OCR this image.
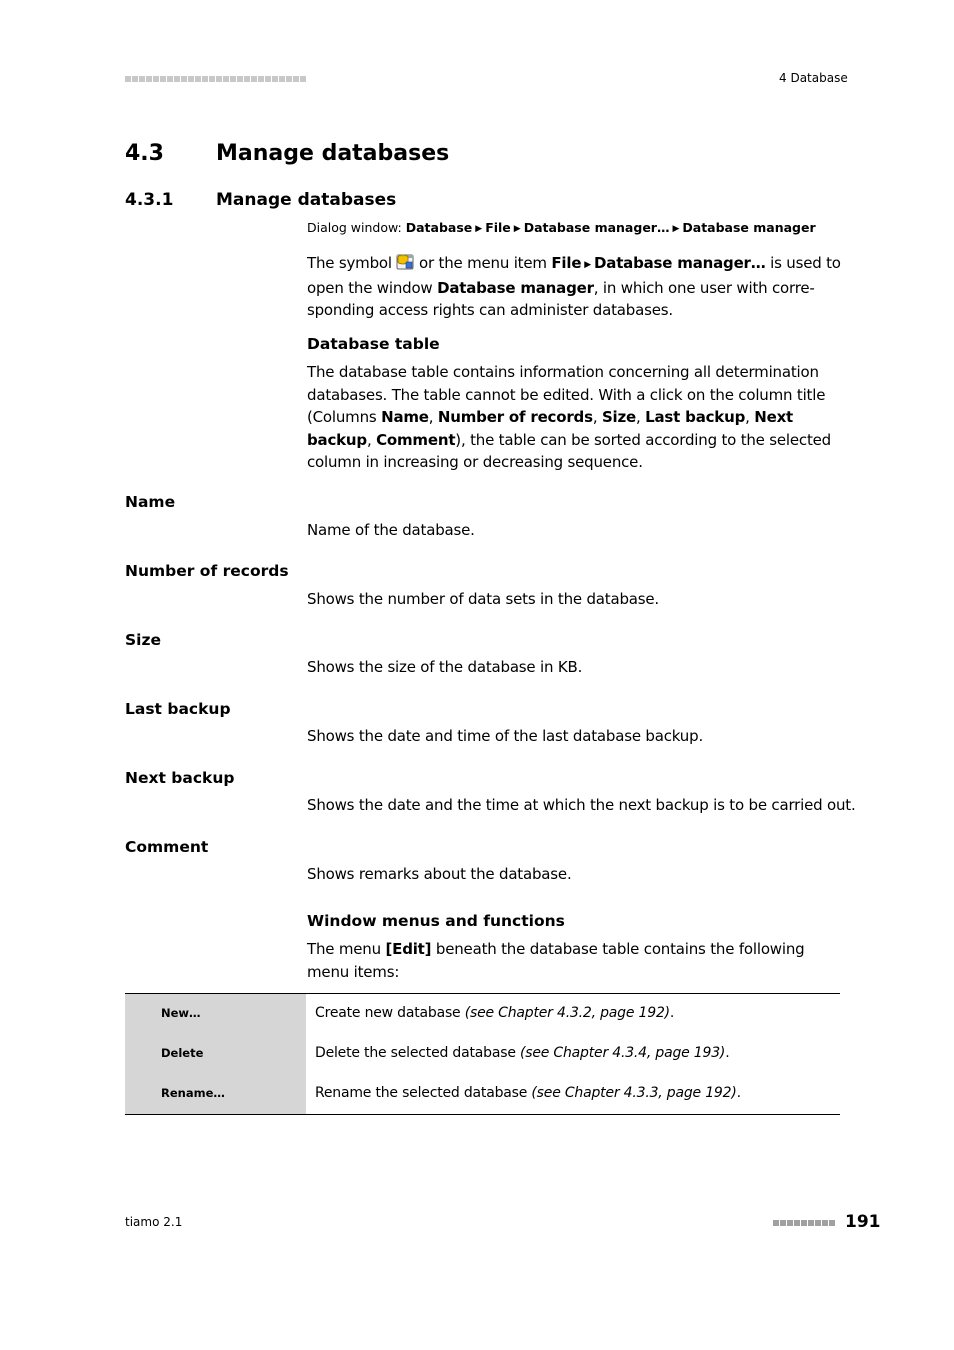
4 Database
4.3 Manage databases
4.3.1	Manage databases
Dialog window: Database ▶ File ▶ Database manager… ▶ Database manager
The symbol or the menu item File ▶ Database manager… is used to open the window Database manager, in which one user with corresponding access rights can administer databases.
Database table
The database table contains information concerning all determination databases. The table cannot be edited. With a click on the column title (Columns Name, Number of records, Size, Last backup, Next backup, Comment), the table can be sorted according to the selected column in increasing or decreasing sequence.
Name
Name of the database.
Number of records
Shows the number of data sets in the database.
Size
Shows the size of the database in KB.
Last backup
Shows the date and time of the last database backup.
Next backup
Shows the date and the time at which the next backup is to be carried out.
Comment
Shows remarks about the database.
Window menus and functions
The menu [Edit] beneath the database table contains the following menu items:
New…	Create new database (see Chapter 4.3.2, page 192).
Delete	Delete the selected database (see Chapter 4.3.4, page 193).
Rename…	Rename the selected database (see Chapter 4.3.3, page 192).
tiamo 2.1	191
